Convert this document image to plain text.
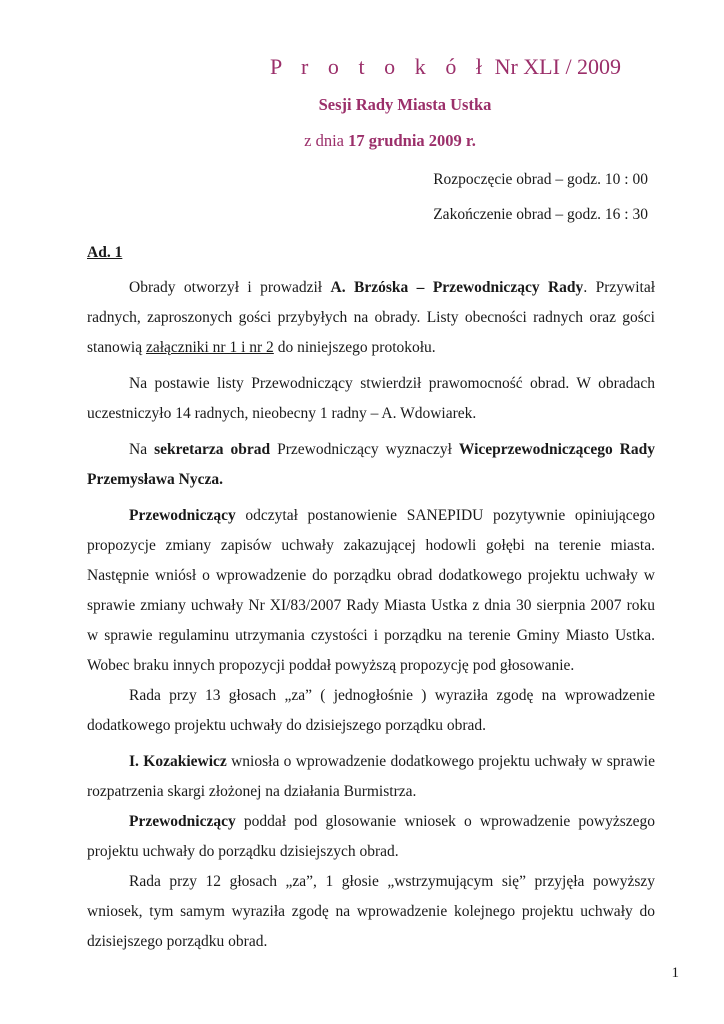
P r o t o k ó ł Nr XLI / 2009
Sesji Rady Miasta Ustka
z dnia 17 grudnia 2009 r.
Rozpoczęcie obrad – godz. 10 : 00
Zakończenie obrad – godz. 16 : 30
Ad. 1

Obrady otworzył i prowadził A. Brzóska – Przewodniczący Rady. Przywitał radnych, zaproszonych gości przybyłych na obrady. Listy obecności radnych oraz gości stanowią załączniki nr 1 i nr 2 do niniejszego protokołu.

Na postawie listy Przewodniczący stwierdził prawomocność obrad. W obradach uczestniczyło 14 radnych, nieobecny 1 radny – A. Wdowiarek.

Na sekretarza obrad Przewodniczący wyznaczył Wiceprzewodniczącego Rady Przemysława Nycza.

Przewodniczący odczytał postanowienie SANEPIDU pozytywnie opiniującego propozycje zmiany zapisów uchwały zakazującej hodowli gołębi na terenie miasta. Następnie wniósł o wprowadzenie do porządku obrad dodatkowego projektu uchwały w sprawie zmiany uchwały Nr XI/83/2007 Rady Miasta Ustka z dnia 30 sierpnia 2007 roku w sprawie regulaminu utrzymania czystości i porządku na terenie Gminy Miasto Ustka. Wobec braku innych propozycji poddał powyższą propozycję pod głosowanie.

Rada przy 13 głosach „za” ( jednogłośnie ) wyraziła zgodę na wprowadzenie dodatkowego projektu uchwały do dzisiejszego porządku obrad.

I. Kozakiewicz wniosła o wprowadzenie dodatkowego projektu uchwały w sprawie rozpatrzenia skargi złożonej na działania Burmistrza.

Przewodniczący poddał pod glosowanie wniosek o wprowadzenie powyższego projektu uchwały do porządku dzisiejszych obrad.

Rada przy 12 głosach „za”, 1 głosie „wstrzymującym się” przyjęła powyższy wniosek, tym samym wyraziła zgodę na wprowadzenie kolejnego projektu uchwały do dzisiejszego porządku obrad.

1
